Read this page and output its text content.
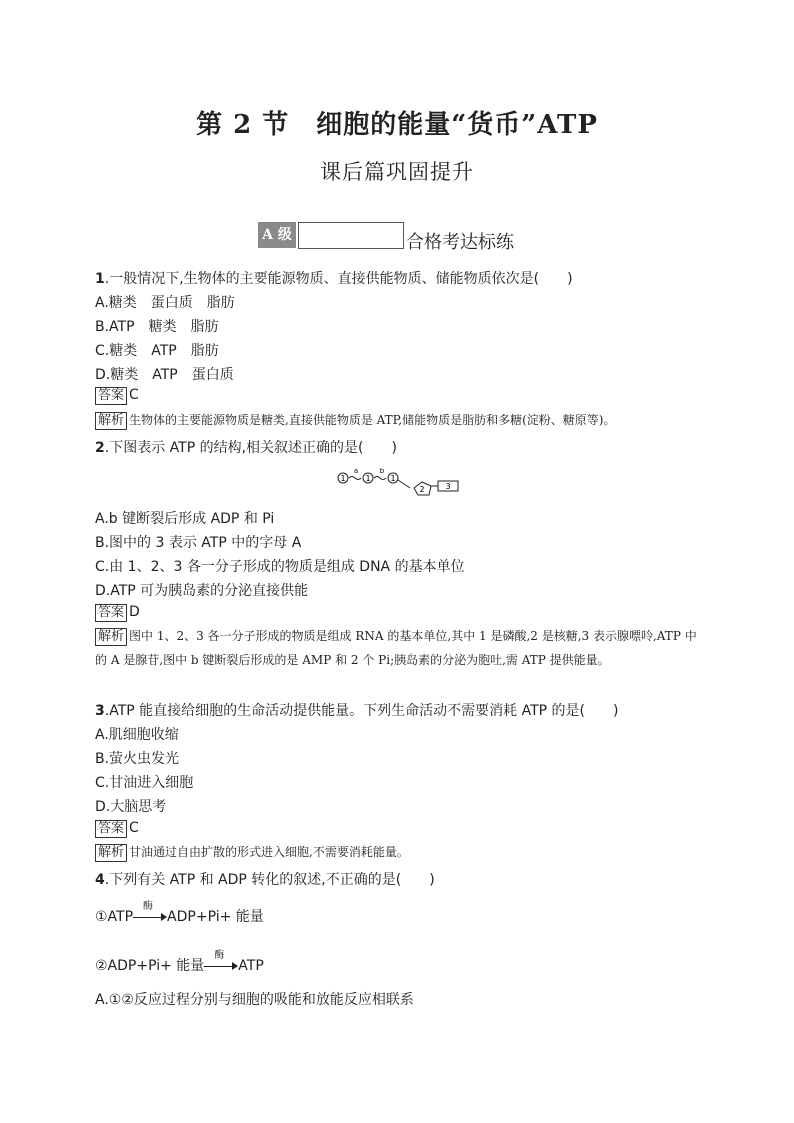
第 2 节　细胞的能量“货币”ATP
课后篇巩固提升
A 级	合格考达标练
1.一般情况下,生物体的主要能源物质、直接供能物质、储能物质依次是(　　)
A.糖类　蛋白质　脂肪
B.ATP　糖类　脂肪
C.糖类　ATP　脂肪
D.糖类　ATP　蛋白质
答案 C
解析 生物体的主要能源物质是糖类,直接供能物质是 ATP,储能物质是脂肪和多糖(淀粉、糖原等)。
2.下图表示 ATP 的结构,相关叙述正确的是(　　)
1
a
1
b
1
2	3
A.b 键断裂后形成 ADP 和 Pi
B.图中的 3 表示 ATP 中的字母 A
C.由 1、2、3 各一分子形成的物质是组成 DNA 的基本单位
D.ATP 可为胰岛素的分泌直接供能
答案 D
解析 图中 1、2、3 各一分子形成的物质是组成 RNA 的基本单位,其中 1 是磷酸,2 是核糖,3 表示腺嘌呤,ATP 中的 A 是腺苷,图中 b 键断裂后形成的是 AMP 和 2 个 Pi;胰岛素的分泌为胞吐,需 ATP 提供能量。
3.ATP 能直接给细胞的生命活动提供能量。下列生命活动不需要消耗 ATP 的是(　　)
A.肌细胞收缩
B.萤火虫发光
C.甘油进入细胞
D.大脑思考
答案 C
解析 甘油通过自由扩散的形式进入细胞,不需要消耗能量。
4.下列有关 ATP 和 ADP 转化的叙述,不正确的是(　　)
①ATP
酶
ADP+Pi+ 能量
②ADP+Pi+ 能量
酶
ATP
A.①②反应过程分别与细胞的吸能和放能反应相联系
